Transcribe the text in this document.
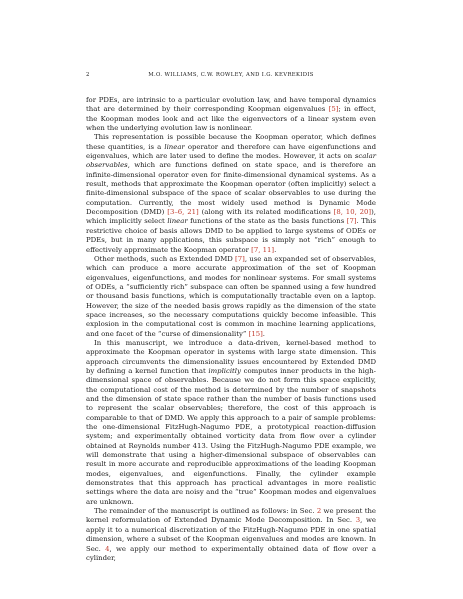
2	M.O. WILLIAMS, C.W. ROWLEY, AND I.G. KEVREKIDIS

for PDEs, are intrinsic to a particular evolution law, and have temporal dynamics that are determined by their corresponding Koopman eigenvalues [5]; in effect, the Koopman modes look and act like the eigenvectors of a linear system even when the underlying evolution law is nonlinear.

This representation is possible because the Koopman operator, which defines these quantities, is a linear operator and therefore can have eigenfunctions and eigenvalues, which are later used to define the modes. However, it acts on scalar observables, which are functions defined on state space, and is therefore an infinite-dimensional operator even for finite-dimensional dynamical systems. As a result, methods that approximate the Koopman operator (often implicitly) select a finite-dimensional subspace of the space of scalar observables to use during the computation. Currently, the most widely used method is Dynamic Mode Decomposition (DMD) [3–6, 21] (along with its related modifications [8, 10, 20]), which implicitly select linear functions of the state as the basis functions [7]. This restrictive choice of basis allows DMD to be applied to large systems of ODEs or PDEs, but in many applications, this subspace is simply not “rich” enough to effectively approximate the Koopman operator [7, 11].

Other methods, such as Extended DMD [7], use an expanded set of observables, which can produce a more accurate approximation of the set of Koopman eigenvalues, eigenfunctions, and modes for nonlinear systems. For small systems of ODEs, a “sufficiently rich” subspace can often be spanned using a few hundred or thousand basis functions, which is computationally tractable even on a laptop. However, the size of the needed basis grows rapidly as the dimension of the state space increases, so the necessary computations quickly become infeasible. This explosion in the computational cost is common in machine learning applications, and one facet of the “curse of dimensionality” [15].

In this manuscript, we introduce a data-driven, kernel-based method to approximate the Koopman operator in systems with large state dimension. This approach circumvents the dimensionality issues encountered by Extended DMD by defining a kernel function that implicitly computes inner products in the high-dimensional space of observables. Because we do not form this space explicitly, the computational cost of the method is determined by the number of snapshots and the dimension of state space rather than the number of basis functions used to represent the scalar observables; therefore, the cost of this approach is comparable to that of DMD. We apply this approach to a pair of sample problems: the one-dimensional FitzHugh-Nagumo PDE, a prototypical reaction-diffusion system; and experimentally obtained vorticity data from flow over a cylinder obtained at Reynolds number 413. Using the FitzHugh-Nagumo PDE example, we will demonstrate that using a higher-dimensional subspace of observables can result in more accurate and reproducible approximations of the leading Koopman modes, eigenvalues, and eigenfunctions. Finally, the cylinder example demonstrates that this approach has practical advantages in more realistic settings where the data are noisy and the “true” Koopman modes and eigenvalues are unknown.

The remainder of the manuscript is outlined as follows: in Sec. 2 we present the kernel reformulation of Extended Dynamic Mode Decomposition. In Sec. 3, we apply it to a numerical discretization of the FitzHugh-Nagumo PDE in one spatial dimension, where a subset of the Koopman eigenvalues and modes are known. In Sec. 4, we apply our method to experimentally obtained data of flow over a cylinder,
